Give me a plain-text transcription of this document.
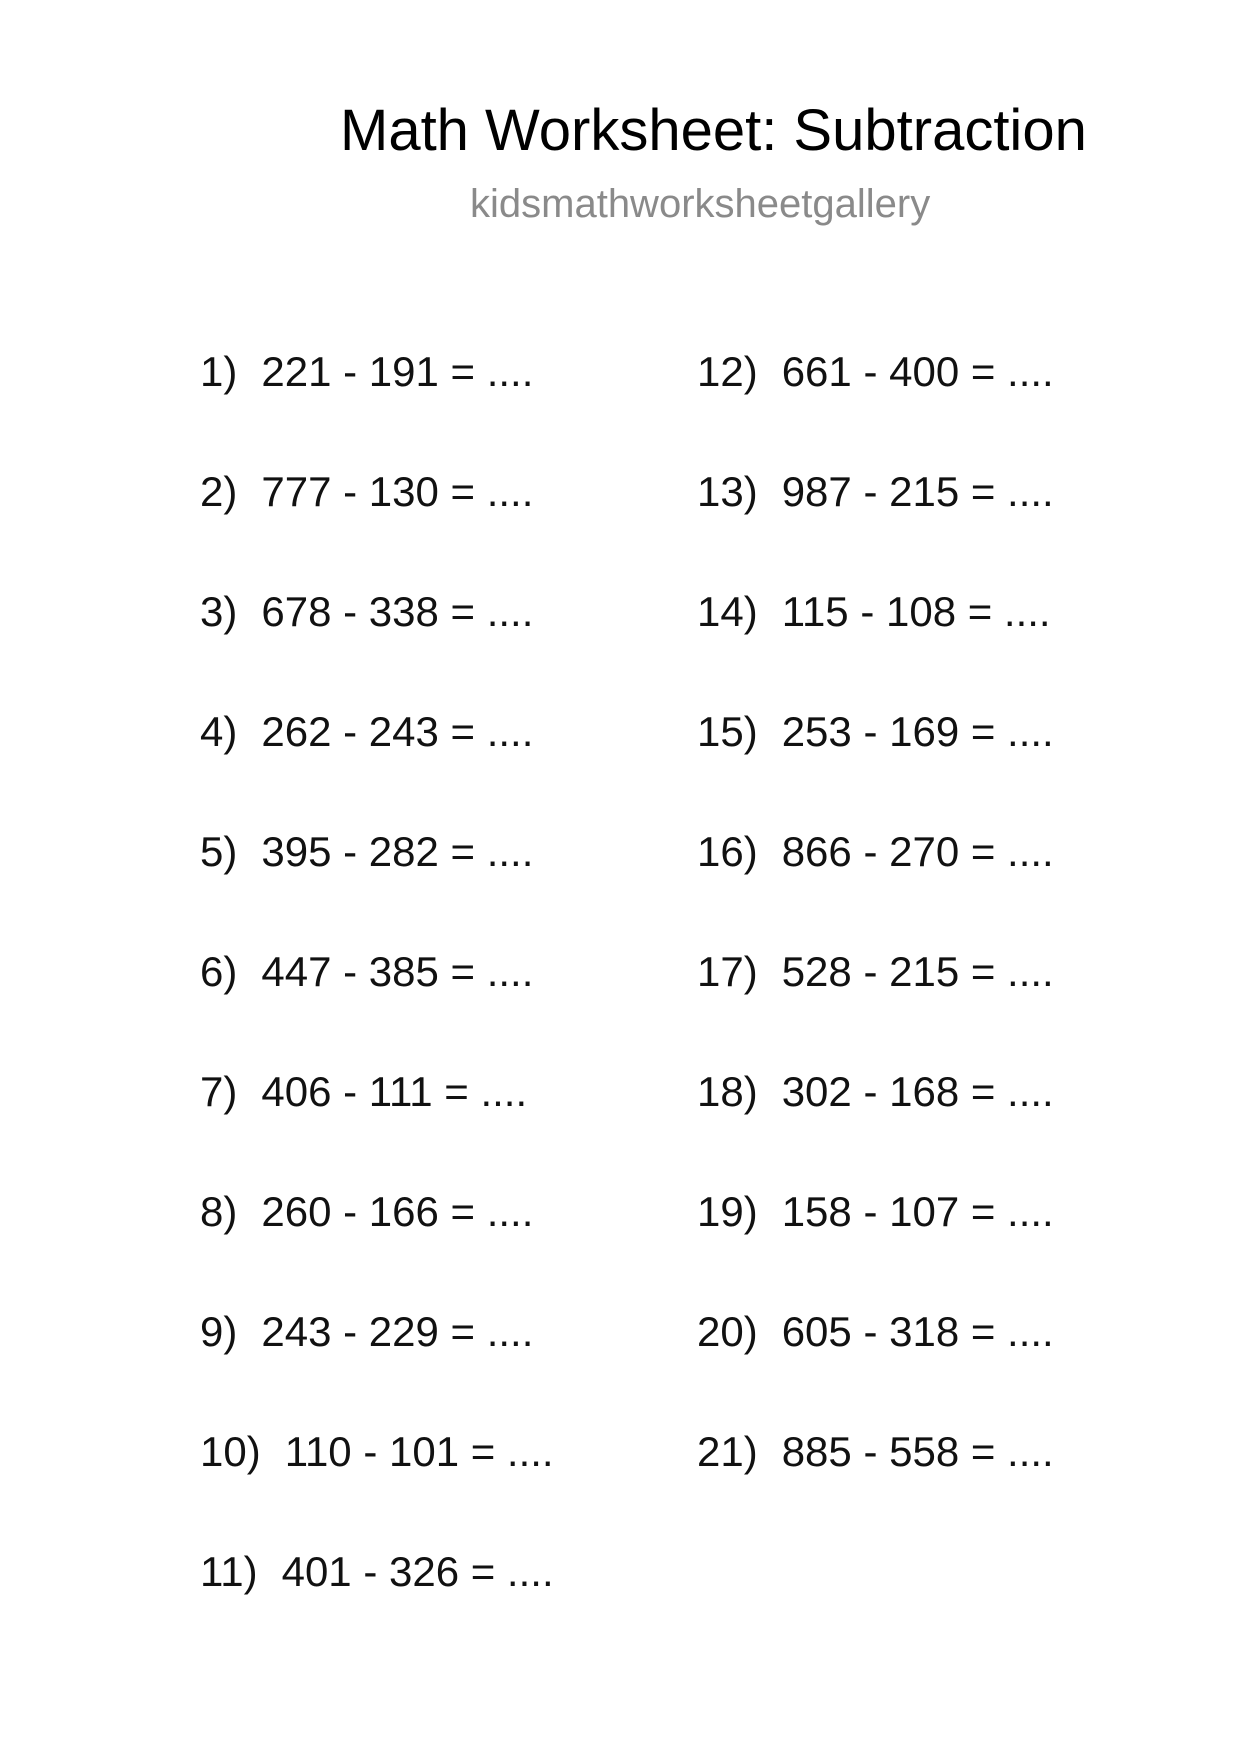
Math Worksheet: Subtraction
kidsmathworksheetgallery
1) 221 - 191 = ....
2) 777 - 130 = ....
3) 678 - 338 = ....
4) 262 - 243 = ....
5) 395 - 282 = ....
6) 447 - 385 = ....
7) 406 - 111 = ....
8) 260 - 166 = ....
9) 243 - 229 = ....
10) 110 - 101 = ....
11) 401 - 326 = ....
12) 661 - 400 = ....
13) 987 - 215 = ....
14) 115 - 108 = ....
15) 253 - 169 = ....
16) 866 - 270 = ....
17) 528 - 215 = ....
18) 302 - 168 = ....
19) 158 - 107 = ....
20) 605 - 318 = ....
21) 885 - 558 = ....
